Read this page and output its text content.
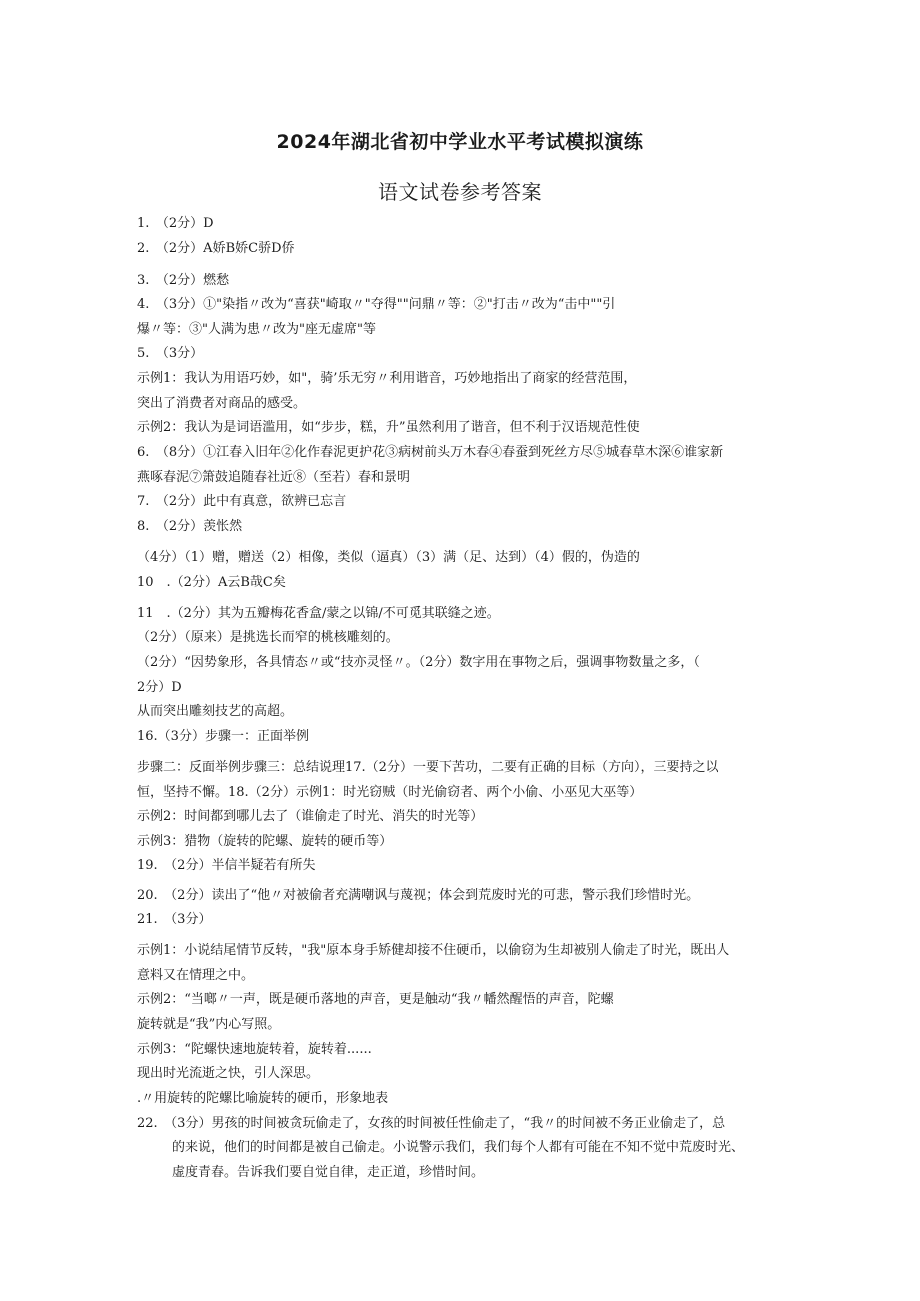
2024年湖北省初中学业水平考试模拟演练
语文试卷参考答案
1.　（2分）D
2.　（2分）A娇B娇C骄D侨
3.　（2分）燃愁
4.　（3分）①"染指〃改为“喜获"崎取〃"夺得""问鼎〃等：②"打击〃改为“击中""引
爆〃等：③"人满为患〃改为"座无虚席"等
5.　（3分）
示例1：我认为用语巧妙，如"，骑’乐无穷〃利用谐音，巧妙地指出了商家的经营范围，
突出了消费者对商品的感受。
示例2：我认为是词语滥用，如“步步，糕，升”虽然利用了谐音，但不利于汉语规范性使
6.　（8分）①江春入旧年②化作春泥更护花③病树前头万木春④春蚕到死丝方尽⑤城春草木深⑥谁家新
燕啄春泥⑦箫鼓追随春社近⑧（至若）春和景明
7.　（2分）此中有真意，欲辨已忘言
8.　（2分）羡怅然
（4分）（1）赠，赠送（2）相像，类似（逼真）（3）满（足、达到）（4）假的，伪造的
10　.（2分）A云B哉C矣
11　.（2分）其为五瓣梅花香盒/蒙之以锦/不可觅其联缝之迹。
（2分）（原来）是挑选长而窄的桃核雕刻的。
（2分）“因势象形，各具情态〃或“技亦灵怪〃。（2分）数字用在事物之后，强调事物数量之多，（
2分）D
从而突出雕刻技艺的高超。
16.（3分）步骤一：正面举例
步骤二：反面举例步骤三：总结说理17.（2分）一要下苦功，二要有正确的目标（方向），三要持之以
恒，坚持不懈。18.（2分）示例1：时光窃贼（时光偷窃者、两个小偷、小巫见大巫等）
示例2：时间都到哪儿去了（谁偷走了时光、消失的时光等）
示例3：猎物（旋转的陀螺、旋转的硬币等）
19.　（2分）半信半疑若有所失
20.　（2分）读出了“他〃对被偷者充满嘲讽与蔑视；体会到荒废时光的可悲，警示我们珍惜时光。
21.　（3分）
示例1：小说结尾情节反转，"我"原本身手矫健却接不住硬币，以偷窃为生却被别人偷走了时光，既出人
意料又在情理之中。
示例2：“当啷〃一声，既是硬币落地的声音，更是触动“我〃幡然醒悟的声音，陀螺
旋转就是“我”内心写照。
示例3：“陀螺快速地旋转着，旋转着......
现出时光流逝之快，引人深思。
.〃用旋转的陀螺比喻旋转的硬币，形象地表
22.　（3分）男孩的时间被贪玩偷走了，女孩的时间被任性偷走了，“我〃的时间被不务正业偷走了，总
的来说，他们的时间都是被自己偷走。小说警示我们，我们每个人都有可能在不知不觉中荒废时光、
虚度青春。告诉我们要自觉自律，走正道，珍惜时间。
